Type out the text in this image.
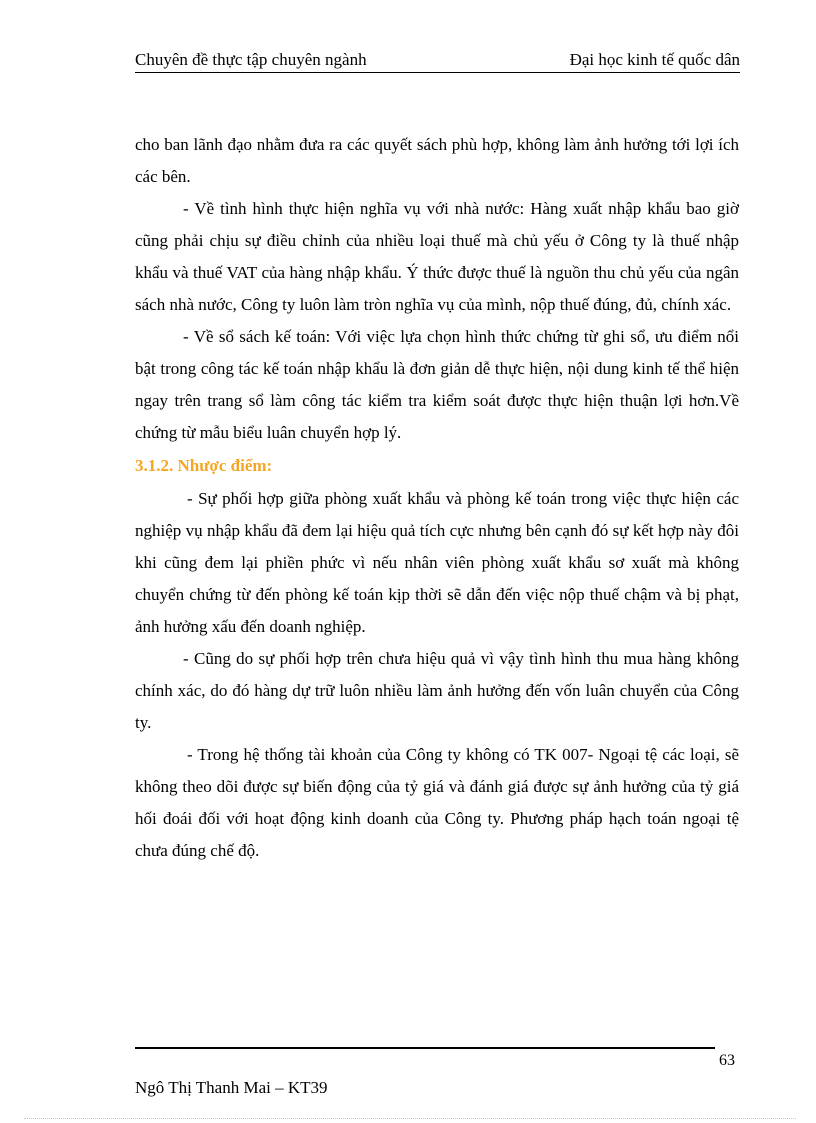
Chuyên đề thực tập chuyên ngành	Đại học kinh tế quốc dân

cho ban lãnh đạo nhằm đưa ra các quyết sách phù hợp, không làm ảnh hưởng tới lợi ích các bên.

- Về tình hình thực hiện nghĩa vụ với nhà nước: Hàng xuất nhập khẩu bao giờ cũng phải chịu sự điều chỉnh của nhiều loại thuế mà chủ yếu ở Công ty là thuế nhập khẩu và thuế VAT của hàng nhập khẩu. Ý thức được thuế là nguồn thu chủ yếu của ngân sách nhà nước, Công ty luôn làm tròn nghĩa vụ của mình, nộp thuế đúng, đủ, chính xác.

- Về sổ sách kế toán: Với việc lựa chọn hình thức chứng từ ghi sổ, ưu điểm nổi bật trong công tác kế toán nhập khẩu là đơn giản dễ thực hiện, nội dung kinh tế thể hiện ngay trên trang sổ làm công tác kiểm tra kiểm soát được thực hiện thuận lợi hơn.Về chứng từ mẫu biểu luân chuyển hợp lý.

3.1.2. Nhược điểm:

- Sự phối hợp giữa phòng xuất khẩu và phòng kế toán trong việc thực hiện các nghiệp vụ nhập khẩu đã đem lại hiệu quả tích cực nhưng bên cạnh đó sự kết hợp này đôi khi cũng đem lại phiền phức vì nếu nhân viên phòng xuất khẩu sơ xuất mà không chuyển chứng từ đến phòng kế toán kịp thời sẽ dẫn đến việc nộp thuế chậm và bị phạt, ảnh hưởng xấu đến doanh nghiệp.

- Cũng do sự phối hợp trên chưa hiệu quả vì vậy tình hình thu mua hàng không chính xác, do đó hàng dự trữ luôn nhiều làm ảnh hưởng đến vốn luân chuyển của Công ty.

- Trong hệ thống tài khoản của Công ty không có TK 007- Ngoại tệ các loại, sẽ không theo dõi được sự biến động của tỷ giá và đánh giá được sự ảnh hưởng của tỷ giá hối đoái đối với hoạt động kinh doanh của Công ty. Phương pháp hạch toán ngoại tệ chưa đúng chế độ.

63
Ngô Thị Thanh Mai – KT39
